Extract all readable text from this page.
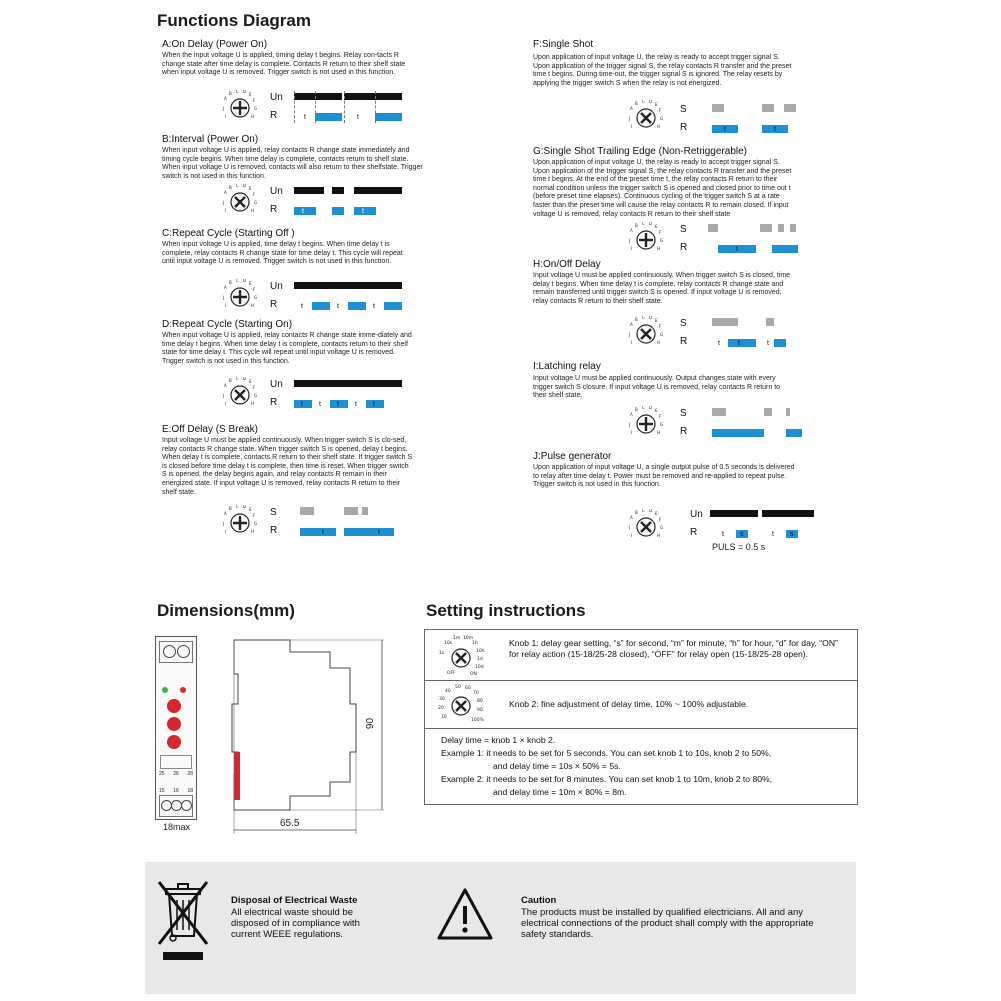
Functions Diagram
A:On Delay (Power On)
When the input voltage U is applied, timing delay t begins. Relay con-tacts R change state after time delay is complete. Contacts R return to their shelf state when input voltage U is removed. Trigger switch is not used in this function.
A
B C D
E
F
G
H
J
I
Un
R	t	t
B:Interval (Power On)
When input voltage U is applied, relay contacts R change state immediately and timing cycle begins. When time delay is complete, contacts return to shelf state. When input voltage U is removed, contacts will also return to their shelfstate. Trigger switch is not used in this function.
A
B C D
E
F
G
H
J
I
Un
R	t	t
C:Repeat Cycle (Starting Off )
When input voltage U is applied, time delay t begins. When time delay t is complete, relay contacts R change state for time delay t. This cycle will repeat until input voltage U is removed. Trigger switch is not used in this function.
A
B C D
E
F
G
H
J
I
Un
R	t	t	t
D:Repeat Cycle (Starting On)
When input voltage U is applied, relay contacts R change state imme-diately and time delay t begins. When time delay t is complete, contacts return to their shelf state for time delay t. This cycle will repeat until input voltage U is removed. Trigger switch is not used in this function.
A
B C D
E
F
G
H
J
I
Un
R	t t t t t
E:Off Delay (S Break)
Input voltage U must be applied continuously. When trigger switch S is clo-sed, relay contacts R change state. When trigger switch S is opened, delay t begins. When delay t is complete, contacts R return to their shelf state. If trigger switch S is closed before time delay t is complete, then time is reset. When trigger switch S is opened, the delay begins again, and relay contacts R remain in their energized state. If input voltage U is removed, relay contacts R return to their shelf state.
A
B C D
E
F
G
H
J
I
S
R	t	t
F:Single Shot
Upon application of input voltage U, the relay is ready to accept trigger signal S. Upon application of the trigger signal S, the relay contacts R transfer and the preset time t begins. During time-out, the trigger signal S is ignored. The relay resets by applying the trigger switch S when the relay is not energized.
A
B C D
E
F
G
H
J
I
S
R	t	t
G:Single Shot Trailing Edge (Non-Retriggerable)
Upon application of input voltage U, the relay is ready to accept trigger signal S. Upon application of the trigger signal S, the relay contacts R transfer and the preset time t begins. At the end of the preset time t, the relay contacts R return to their normal condition unless the trigger switch S is opened and closed prior to time out t (before preset time elapses). Continuous cycling of the trigger switch S at a rate faster than the preset time will cause the relay contacts R to remain closed. If input voltage U is removed, relay contacts R return to their shelf state
A
B C D
E
F
G
H
J
I
S
R	t
H:On/Off Delay
Input voltage U must be applied continuously. When trigger switch S is closed, time delay t begins. When time delay t is complete, relay contacts R change state and remain transferred until trigger switch S is opened. If input voltage U is removed, relay contacts R return to their shelf state.
A
B C D
E
F
G
H
J
I
S
R	t	t	t
I:Latching relay
Input voltage U must be applied continuously. Output changes state with every trigger switch S closure. If input voltage U is removed, relay contacts R return to their shelf state.
A
B C D
E
F
G
H
J
I
S
R
J:Pulse generator
Upon application of input voltage U, a single output pulse of 0.5 seconds is delivered to relay after time delay t. Power must be removed and re-applied to repeat pulse. Trigger switch is not used in this function.
A
B C D
E
F
G
H
J
I
Un
R	t	t
s	s
PULS = 0.5 s
Dimensions(mm)
25 26 28
15 16 18
18max	65.5
90
Setting instructions
1s
10s
1m 10m
1h
10h
1d
10d
ON
OFF
Knob 1: delay gear setting, “s” for second, “m” for minute, “h” for hour, “d” for day, “ON” for relay action (15-18/25-28 closed), “OFF” for relay open (15-18/25-28 open).
10
20
30
40
50 60
70
80
90
100%
Knob 2: fine adjustment of delay time, 10% ~ 100% adjustable.
Delay time = knob 1 × knob 2.
Example 1: it needs to be set for 5 seconds. You can set knob 1 to 10s, knob 2 to 50%,
and delay time = 10s × 50% = 5s.
Example 2: it needs to be set for 8 minutes. You can set knob 1 to 10m, knob 2 to 80%,
and delay time = 10m × 80% = 8m.
Disposal of Electrical Waste
All electrical waste should be disposed of in compliance with current WEEE regulations.
Caution
The products must be installed by qualified electricians. All and any electrical connections of the product shall comply with the appropriate safety standards.
